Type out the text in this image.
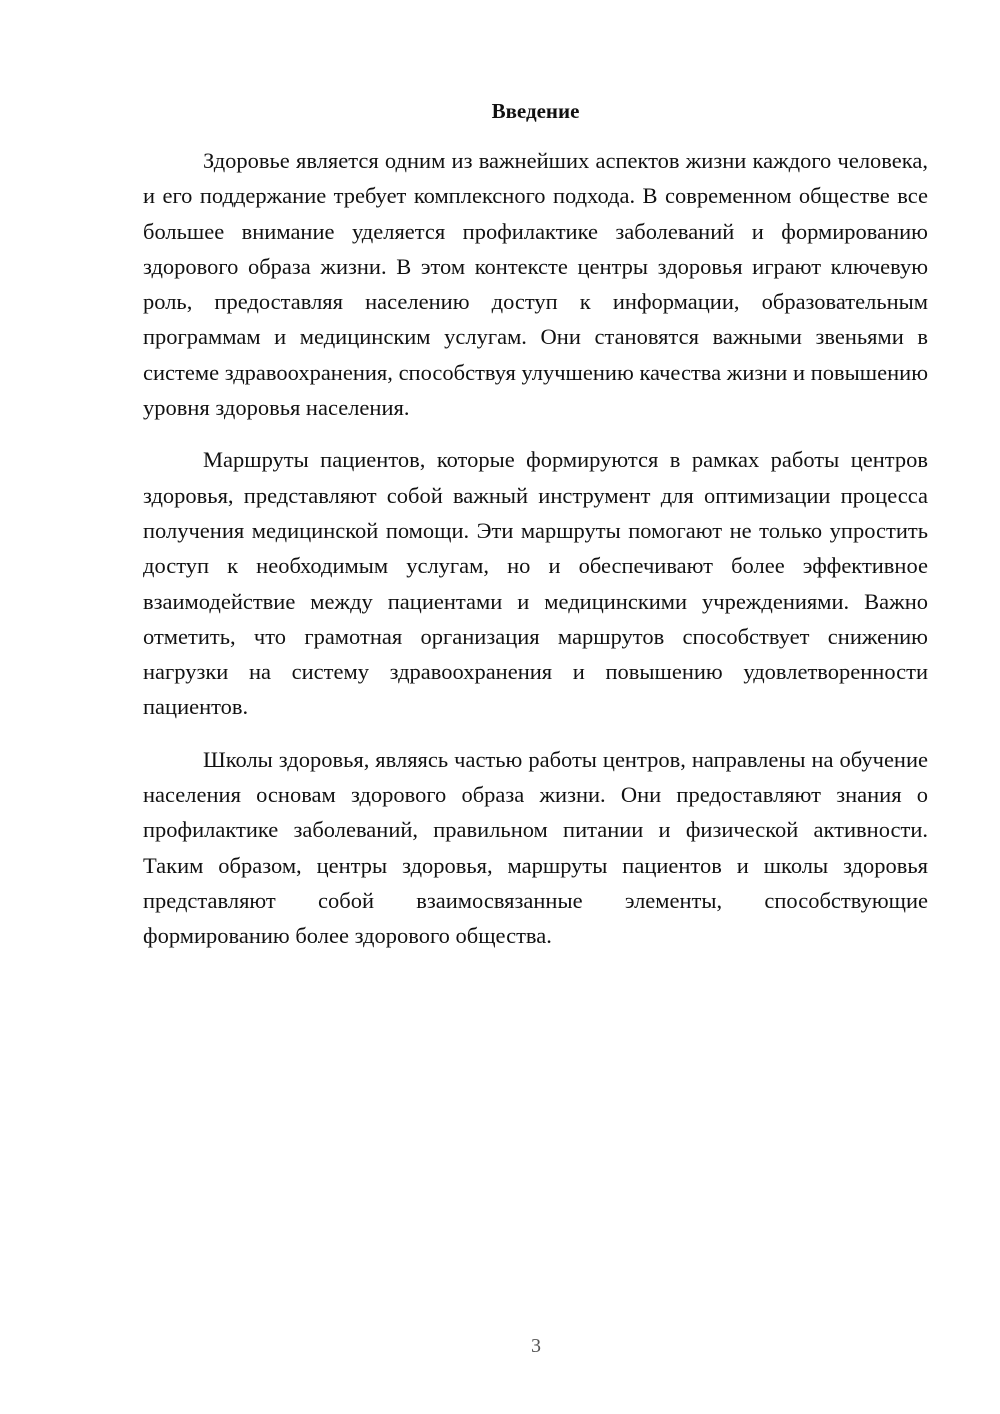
Введение

Здоровье является одним из важнейших аспектов жизни каждого человека, и его поддержание требует комплексного подхода. В современном обществе все большее внимание уделяется профилактике заболеваний и формированию здорового образа жизни. В этом контексте центры здоровья играют ключевую роль, предоставляя населению доступ к информации, образовательным программам и медицинским услугам. Они становятся важными звеньями в системе здравоохранения, способствуя улучшению качества жизни и повышению уровня здоровья населения.

Маршруты пациентов, которые формируются в рамках работы центров здоровья, представляют собой важный инструмент для оптимизации процесса получения медицинской помощи. Эти маршруты помогают не только упростить доступ к необходимым услугам, но и обеспечивают более эффективное взаимодействие между пациентами и медицинскими учреждениями. Важно отметить, что грамотная организация маршрутов способствует снижению нагрузки на систему здравоохранения и повышению удовлетворенности пациентов.

Школы здоровья, являясь частью работы центров, направлены на обучение населения основам здорового образа жизни. Они предоставляют знания о профилактике заболеваний, правильном питании и физической активности. Таким образом, центры здоровья, маршруты пациентов и школы здоровья представляют собой взаимосвязанные элементы, способствующие формированию более здорового общества.

3
